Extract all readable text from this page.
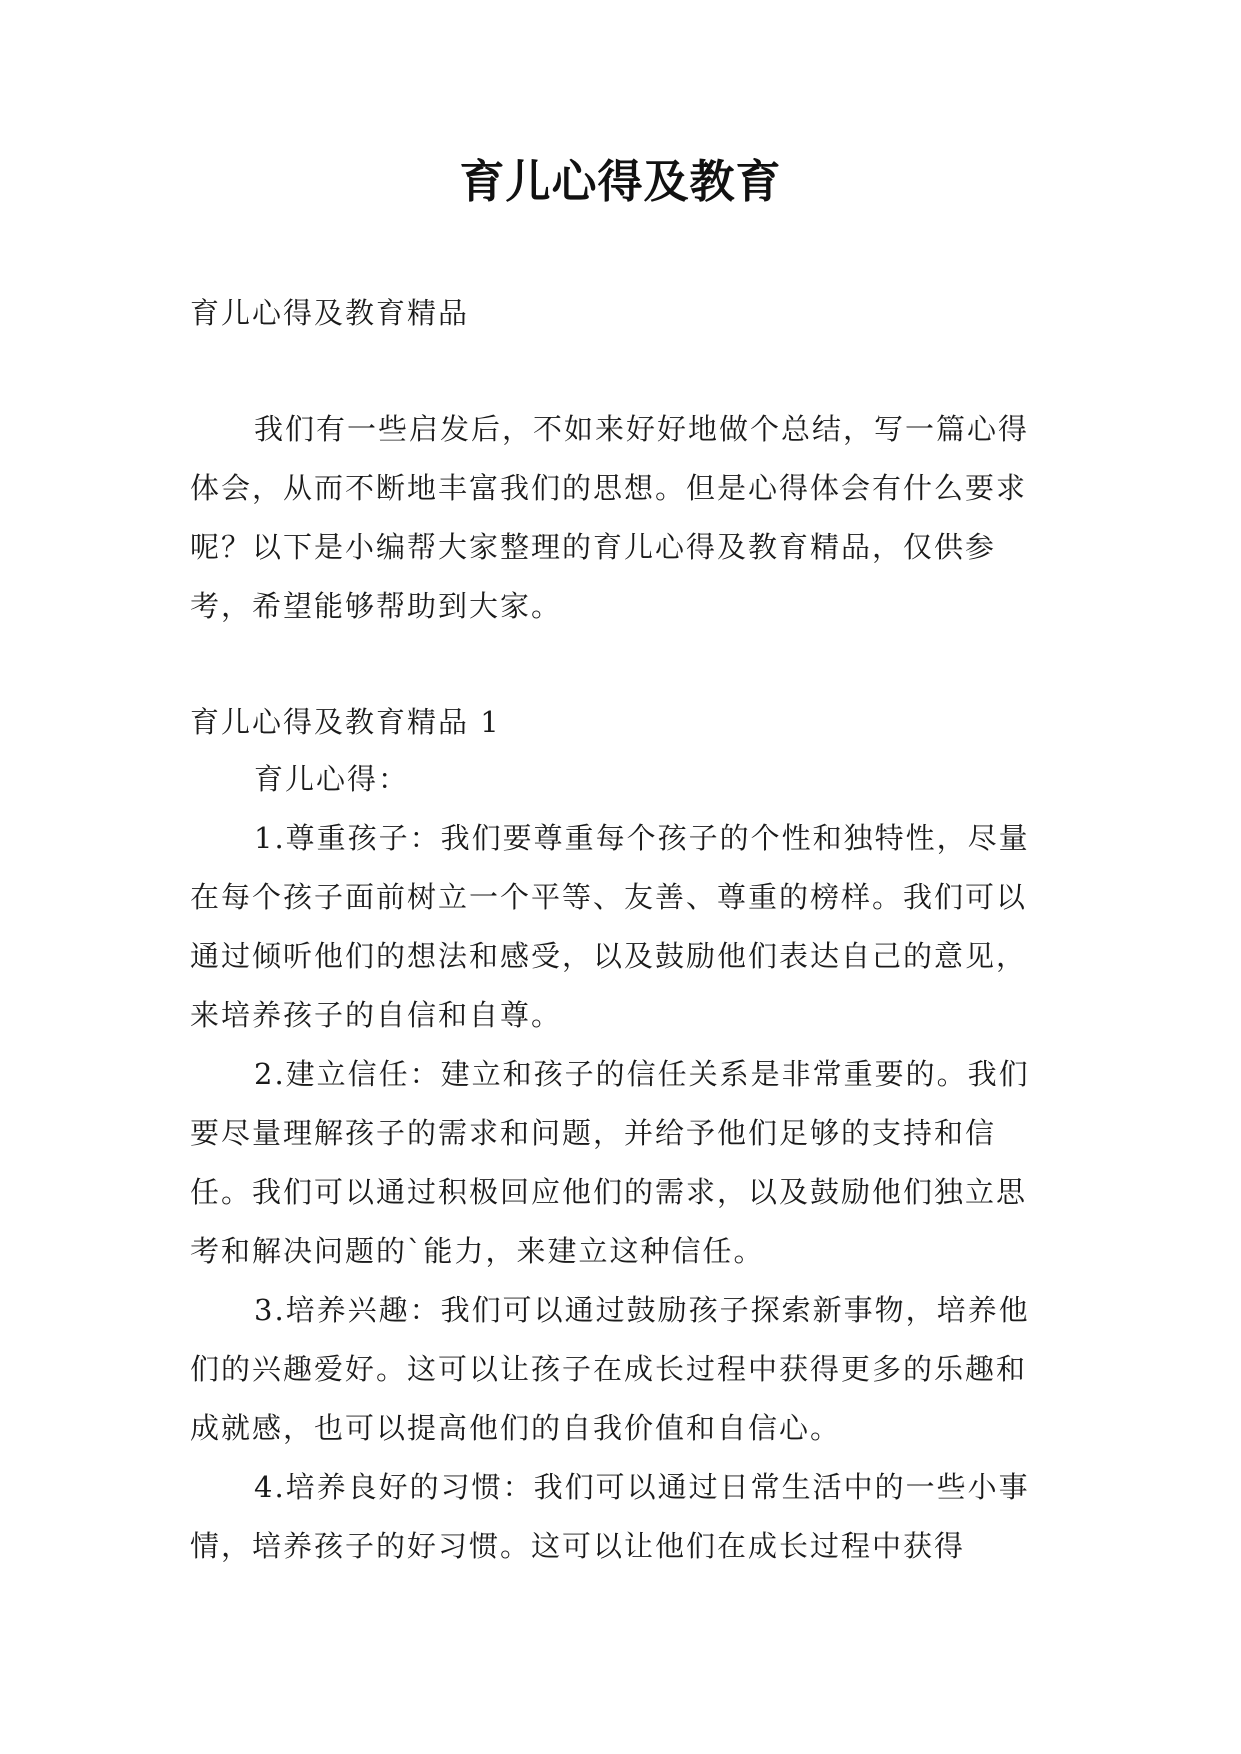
育儿心得及教育
育儿心得及教育精品

我们有一些启发后，不如来好好地做个总结，写一篇心得体会，从而不断地丰富我们的思想。但是心得体会有什么要求呢？以下是小编帮大家整理的育儿心得及教育精品，仅供参考，希望能够帮助到大家。

育儿心得及教育精品 1

育儿心得：

1.尊重孩子：我们要尊重每个孩子的个性和独特性，尽量在每个孩子面前树立一个平等、友善、尊重的榜样。我们可以通过倾听他们的想法和感受，以及鼓励他们表达自己的意见，来培养孩子的自信和自尊。

2.建立信任：建立和孩子的信任关系是非常重要的。我们要尽量理解孩子的需求和问题，并给予他们足够的支持和信任。我们可以通过积极回应他们的需求，以及鼓励他们独立思考和解决问题的`能力，来建立这种信任。

3.培养兴趣：我们可以通过鼓励孩子探索新事物，培养他们的兴趣爱好。这可以让孩子在成长过程中获得更多的乐趣和成就感，也可以提高他们的自我价值和自信心。

4.培养良好的习惯：我们可以通过日常生活中的一些小事情，培养孩子的好习惯。这可以让他们在成长过程中获得
